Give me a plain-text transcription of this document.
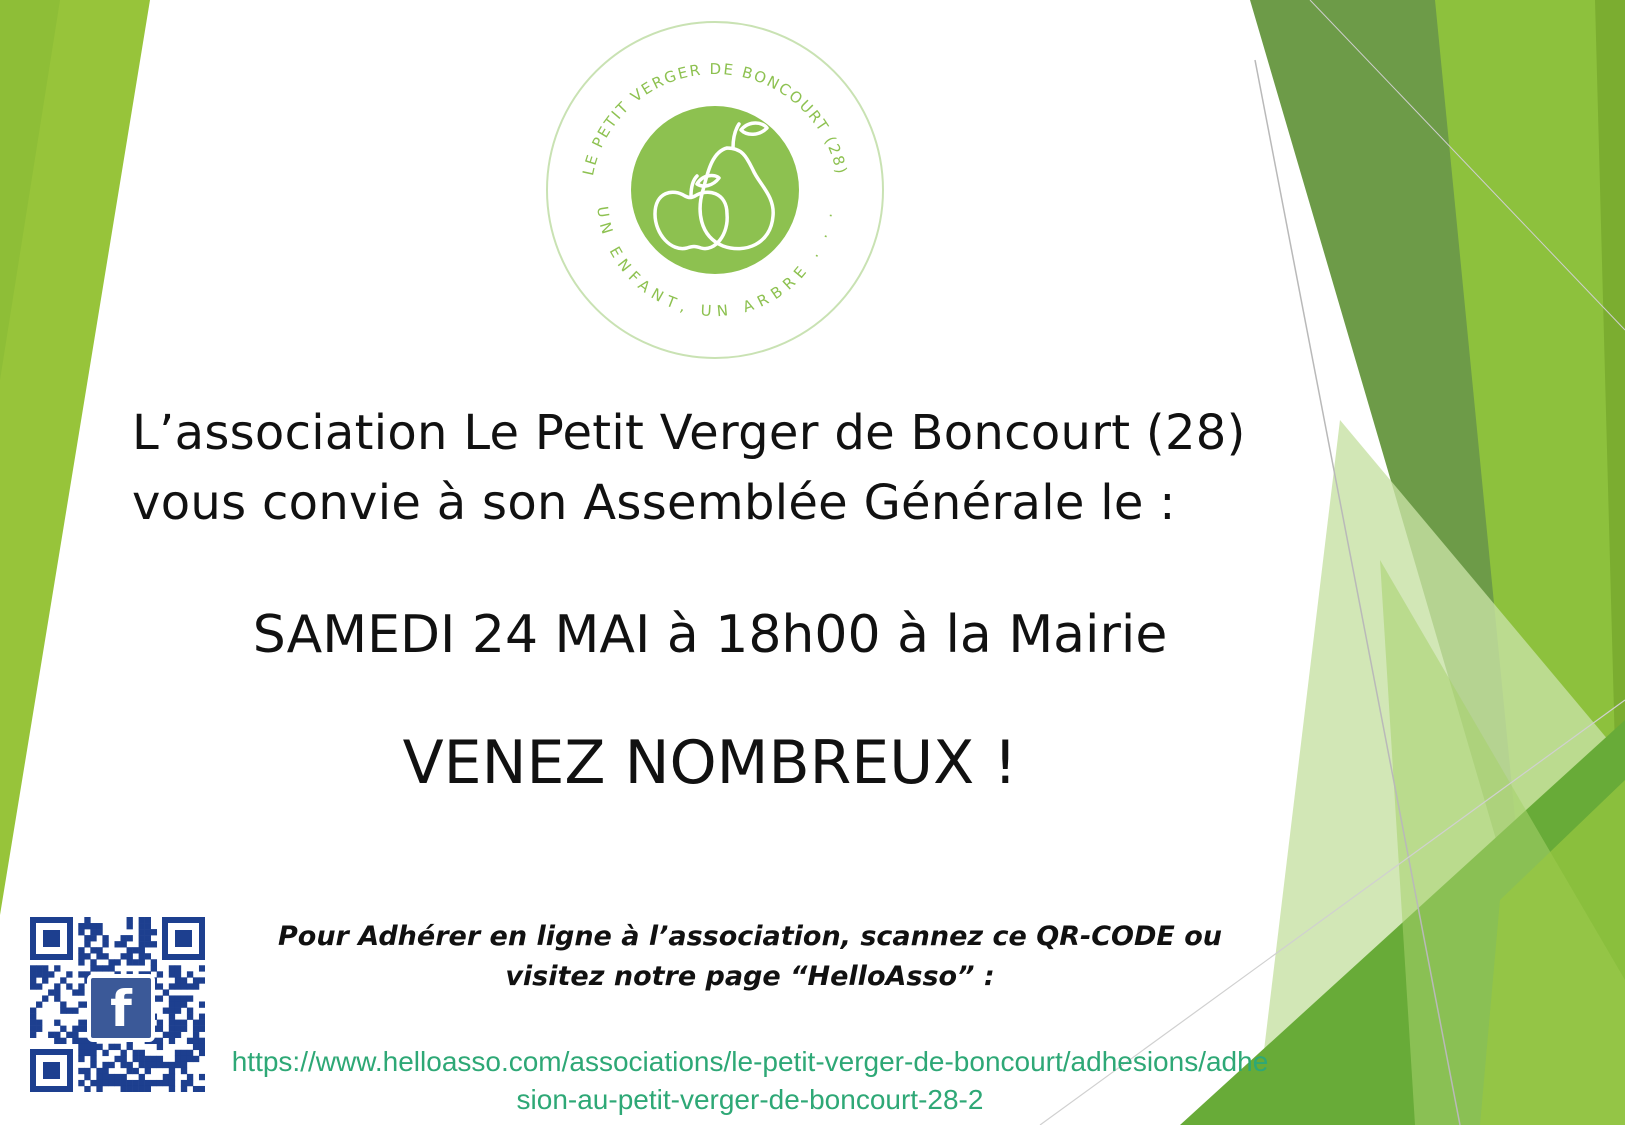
LE PETIT VERGER DE BONCOURT (28)
UN ENFANT, UN ARBRE . . .
L’association Le Petit Verger de Boncourt (28)
vous convie à son Assemblée Générale le :
SAMEDI 24 MAI à 18h00 à la Mairie
VENEZ NOMBREUX !
f
Pour Adhérer en ligne à l’association, scannez ce QR-CODE ou
visitez notre page “HelloAsso” :
https://www.helloasso.com/associations/le-petit-verger-de-boncourt/adhesions/adhesion-au-petit-verger-de-boncourt-28-2
